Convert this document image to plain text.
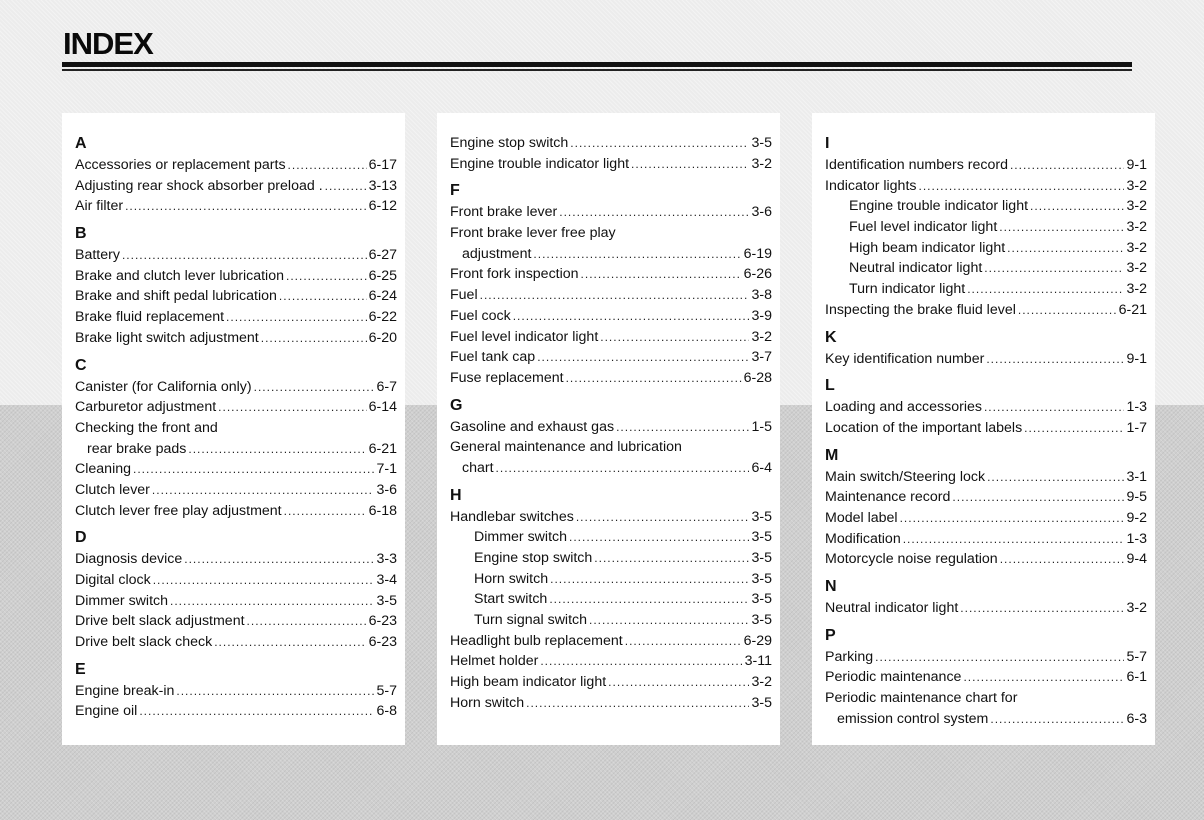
INDEX
A
Accessories or replacement parts .....	6-17
Adjusting rear shock absorber preload . .....	3-13
Air filter .....	6-12
B
Battery .....	6-27
Brake and clutch lever lubrication .....	6-25
Brake and shift pedal lubrication .....	6-24
Brake fluid replacement .....	6-22
Brake light switch adjustment .....	6-20
C
Canister (for California only) .....	6-7
Carburetor adjustment .....	6-14
Checking the front and
rear brake pads .....	6-21
Cleaning .....	7-1
Clutch lever .....	3-6
Clutch lever free play adjustment .....	6-18
D
Diagnosis device .....	3-3
Digital clock .....	3-4
Dimmer switch .....	3-5
Drive belt slack adjustment .....	6-23
Drive belt slack check .....	6-23
E
Engine break-in .....	5-7
Engine oil .....	6-8
Engine stop switch .....	3-5
Engine trouble indicator light .....	3-2
F
Front brake lever .....	3-6
Front brake lever free play
adjustment .....	6-19
Front fork inspection .....	6-26
Fuel .....	3-8
Fuel cock .....	3-9
Fuel level indicator light .....	3-2
Fuel tank cap .....	3-7
Fuse replacement .....	6-28
G
Gasoline and exhaust gas .....	1-5
General maintenance and lubrication
chart .....	6-4
H
Handlebar switches .....	3-5
Dimmer switch .....	3-5
Engine stop switch .....	3-5
Horn switch .....	3-5
Start switch .....	3-5
Turn signal switch .....	3-5
Headlight bulb replacement .....	6-29
Helmet holder .....	3-11
High beam indicator light .....	3-2
Horn switch .....	3-5
I
Identification numbers record .....	9-1
Indicator lights .....	3-2
Engine trouble indicator light .....	3-2
Fuel level indicator light .....	3-2
High beam indicator light .....	3-2
Neutral indicator light .....	3-2
Turn indicator light .....	3-2
Inspecting the brake fluid level .....	6-21
K
Key identification number .....	9-1
L
Loading and accessories .....	1-3
Location of the important labels .....	1-7
M
Main switch/Steering lock .....	3-1
Maintenance record .....	9-5
Model label .....	9-2
Modification .....	1-3
Motorcycle noise regulation .....	9-4
N
Neutral indicator light .....	3-2
P
Parking .....	5-7
Periodic maintenance .....	6-1
Periodic maintenance chart for
emission control system .....	6-3
